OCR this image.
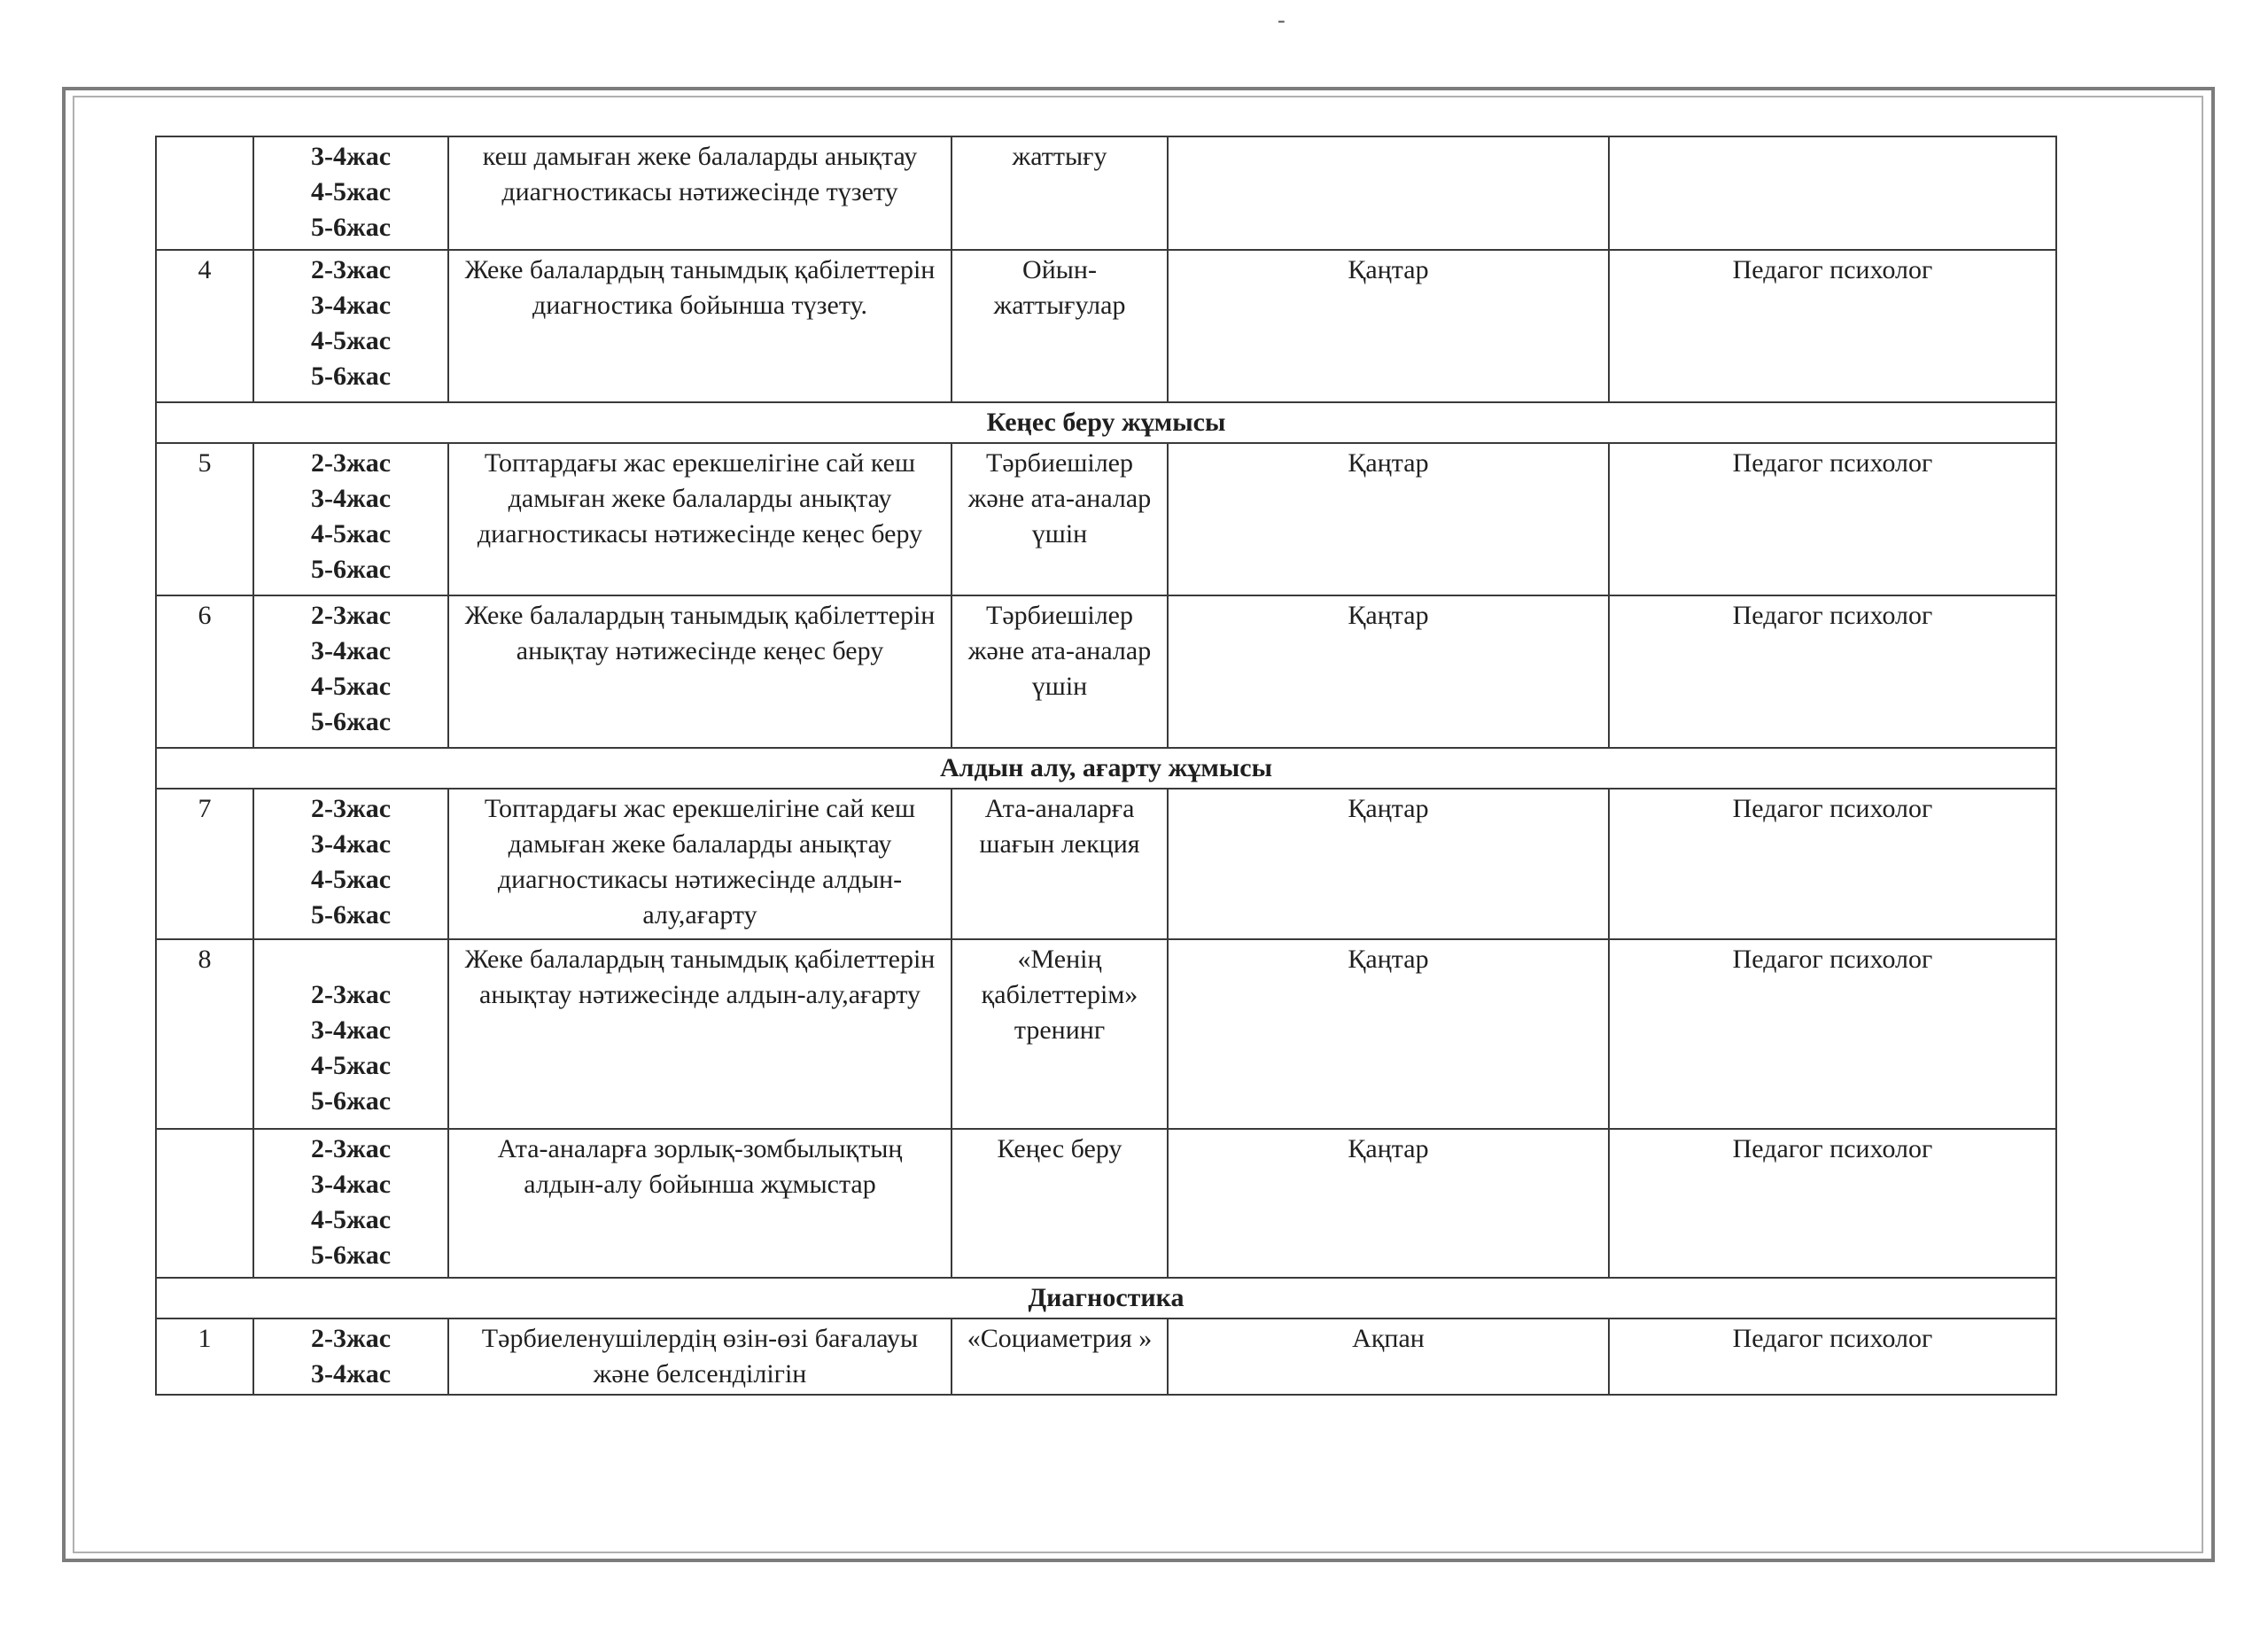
-

	3-4жас
4-5жас
5-6жас	кеш дамыған жеке балаларды анықтау диагностикасы нәтижесінде түзету	жаттығу		
4	2-3жас
3-4жас
4-5жас
5-6жас	Жеке балалардың танымдық қабілеттерін диагностика бойынша түзету.	Ойын-жаттығулар	Қаңтар	Педагог психолог
Кеңес беру жұмысы					
5	2-3жас
3-4жас
4-5жас
5-6жас	Топтардағы жас ерекшелігіне сай кеш дамыған жеке балаларды анықтау диагностикасы нәтижесінде кеңес беру	Тәрбиешілер және ата-аналар үшін	Қаңтар	Педагог психолог
6	2-3жас
3-4жас
4-5жас
5-6жас	Жеке балалардың танымдық қабілеттерін анықтау нәтижесінде кеңес беру	Тәрбиешілер және ата-аналар үшін	Қаңтар	Педагог психолог
Алдын алу, ағарту жұмысы					
7	2-3жас
3-4жас
4-5жас
5-6жас	Топтардағы жас ерекшелігіне сай кеш дамыған жеке балаларды анықтау диагностикасы нәтижесінде алдын-алу,ағарту	Ата-аналарға шағын лекция	Қаңтар	Педагог психолог
8	2-3жас
3-4жас
4-5жас
5-6жас	Жеке балалардың танымдық қабілеттерін анықтау нәтижесінде алдын-алу,ағарту	«Менің қабілеттерім» тренинг	Қаңтар	Педагог психолог

	2-3жас
3-4жас
4-5жас
5-6жас	Ата-аналарға зорлық-зомбылықтың алдын-алу бойынша жұмыстар	Кеңес беру	Қаңтар	Педагог психолог
Диагностика					
1	2-3жас
3-4жас	Тәрбиеленушілердің өзін-өзі бағалауы және белсенділігін	«Социаметрия »	Ақпан	Педагог психолог
